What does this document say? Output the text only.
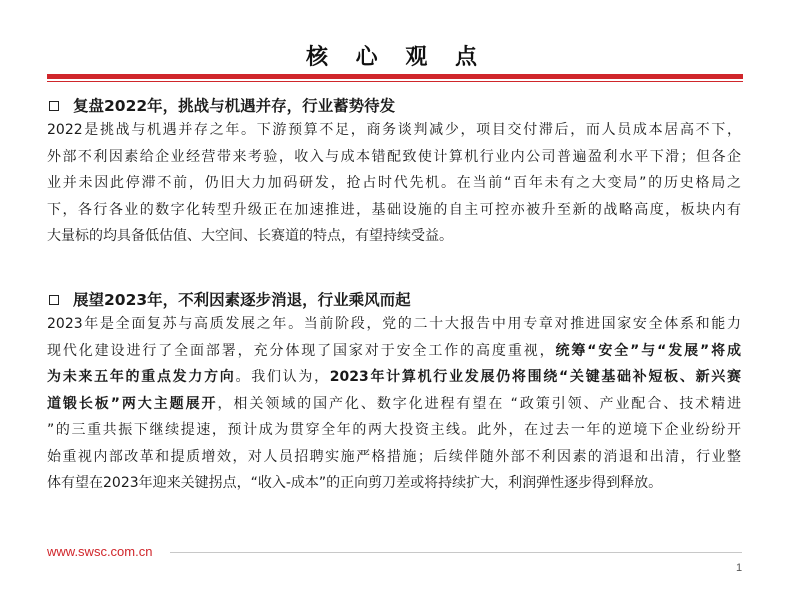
核 心 观 点
复盘2022年，挑战与机遇并存，行业蓄势待发
2022是挑战与机遇并存之年。下游预算不足，商务谈判减少，项目交付滞后，而人员成本居高不下，
外部不利因素给企业经营带来考验，收入与成本错配致使计算机行业内公司普遍盈利水平下滑；但各企
业并未因此停滞不前，仍旧大力加码研发，抢占时代先机。在当前“百年未有之大变局”的历史格局之
下，各行各业的数字化转型升级正在加速推进，基础设施的自主可控亦被升至新的战略高度，板块内有
大量标的均具备低估值、大空间、长赛道的特点，有望持续受益。
展望2023年，不利因素逐步消退，行业乘风而起
2023年是全面复苏与高质发展之年。当前阶段，党的二十大报告中用专章对推进国家安全体系和能力
现代化建设进行了全面部署，充分体现了国家对于安全工作的高度重视，统筹“安全”与“发展”将成
为未来五年的重点发力方向。我们认为，2023年计算机行业发展仍将围绕“关键基础补短板、新兴赛
道锻长板”两大主题展开，相关领域的国产化、数字化进程有望在 “政策引领、产业配合、技术精进
”的三重共振下继续提速，预计成为贯穿全年的两大投资主线。此外，在过去一年的逆境下企业纷纷开
始重视内部改革和提质增效，对人员招聘实施严格措施；后续伴随外部不利因素的消退和出清，行业整
体有望在2023年迎来关键拐点，“收入-成本”的正向剪刀差或将持续扩大，利润弹性逐步得到释放。
www.swsc.com.cn
1
